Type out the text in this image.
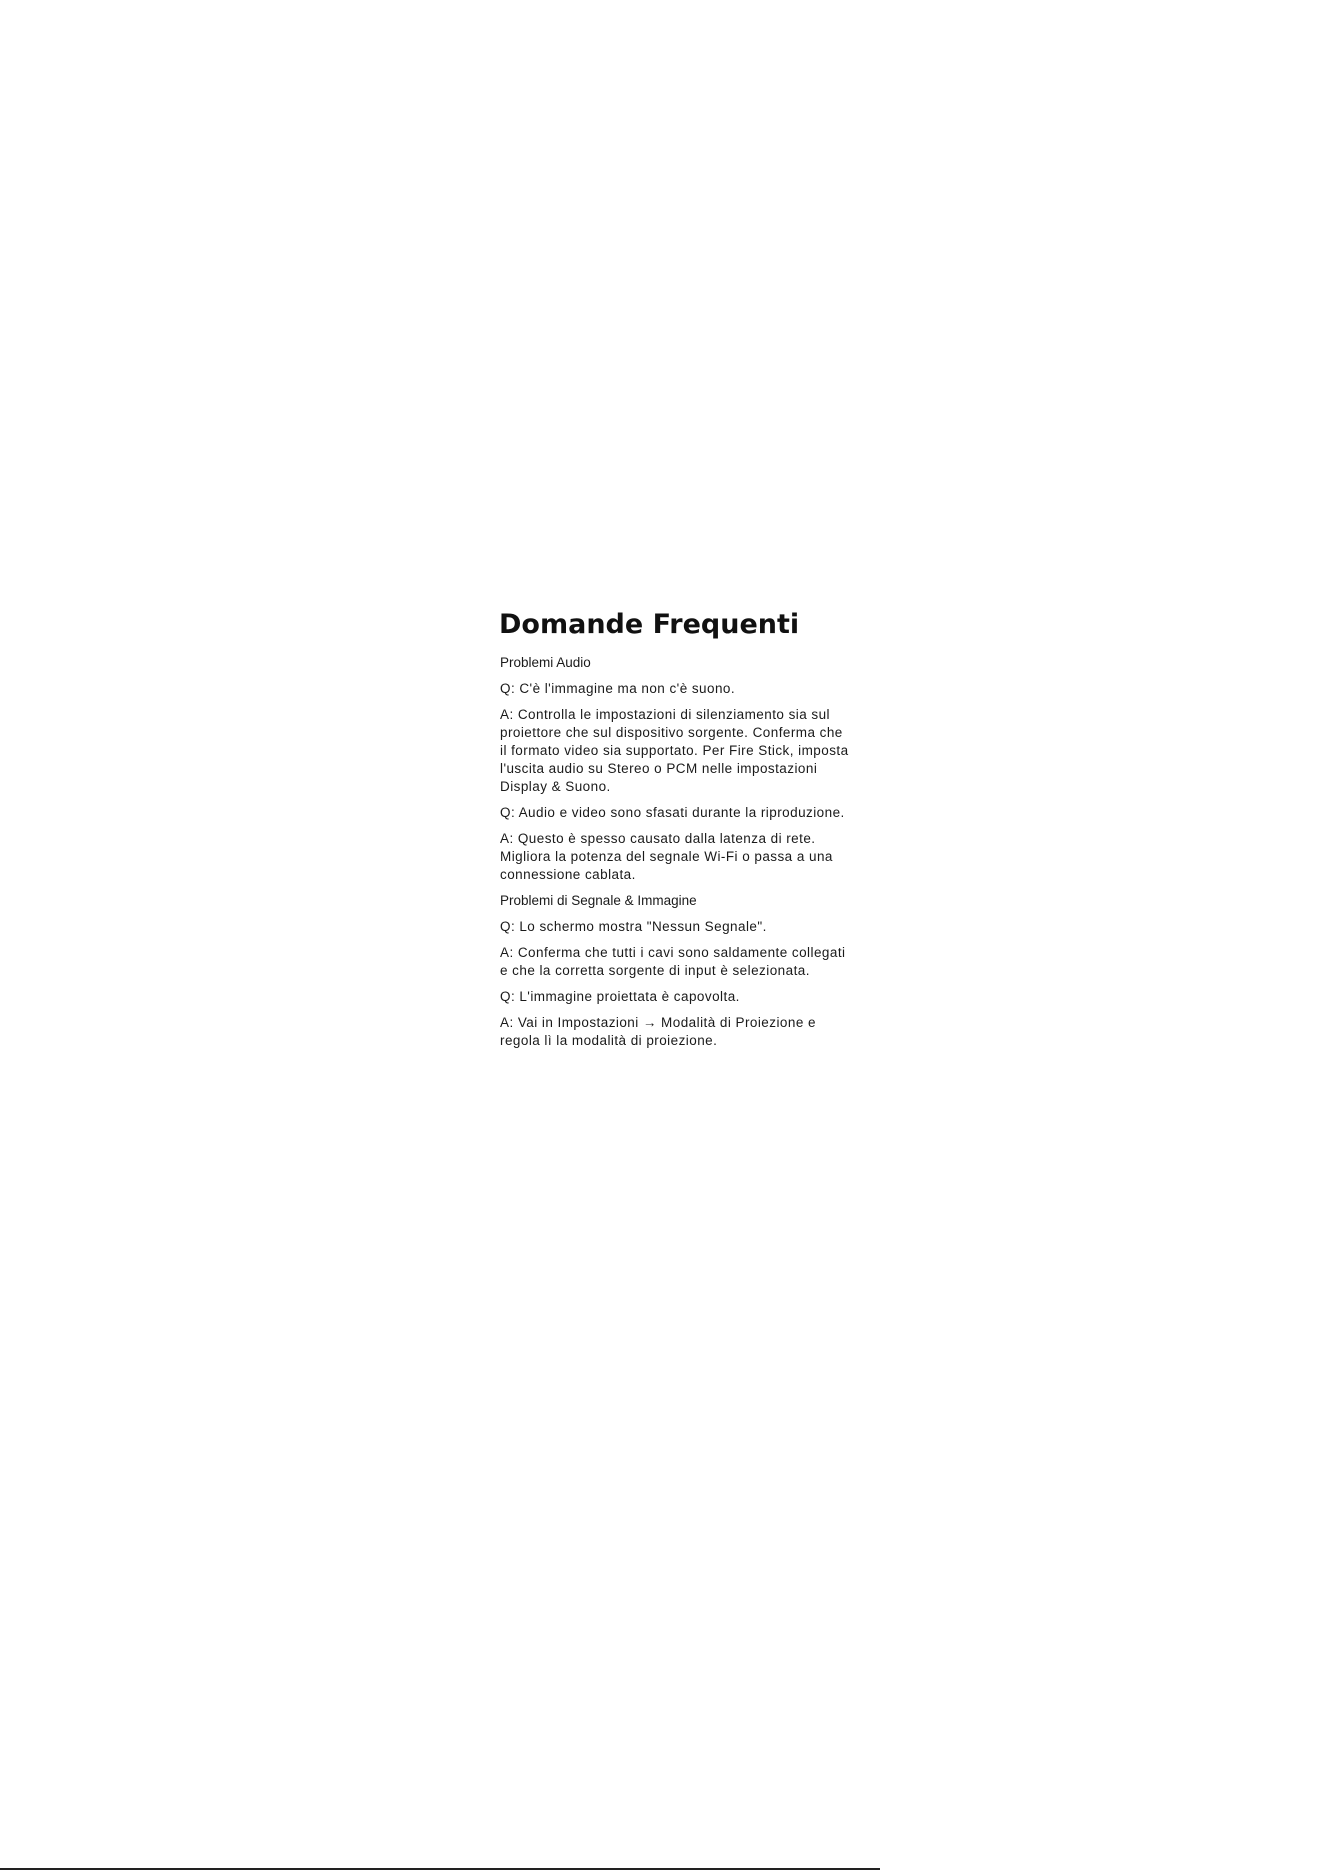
Domande Frequenti

Problemi Audio

Q: C'è l'immagine ma non c'è suono.

A: Controlla le impostazioni di silenziamento sia sul proiettore che sul dispositivo sorgente. Conferma che il formato video sia supportato. Per Fire Stick, imposta l'uscita audio su Stereo o PCM nelle impostazioni Display & Suono.

Q: Audio e video sono sfasati durante la riproduzione.

A: Questo è spesso causato dalla latenza di rete. Migliora la potenza del segnale Wi-Fi o passa a una connessione cablata.

Problemi di Segnale & Immagine

Q: Lo schermo mostra "Nessun Segnale".

A: Conferma che tutti i cavi sono saldamente collegati e che la corretta sorgente di input è selezionata.

Q: L'immagine proiettata è capovolta.

A: Vai in Impostazioni → Modalità di Proiezione e regola lì la modalità di proiezione.
